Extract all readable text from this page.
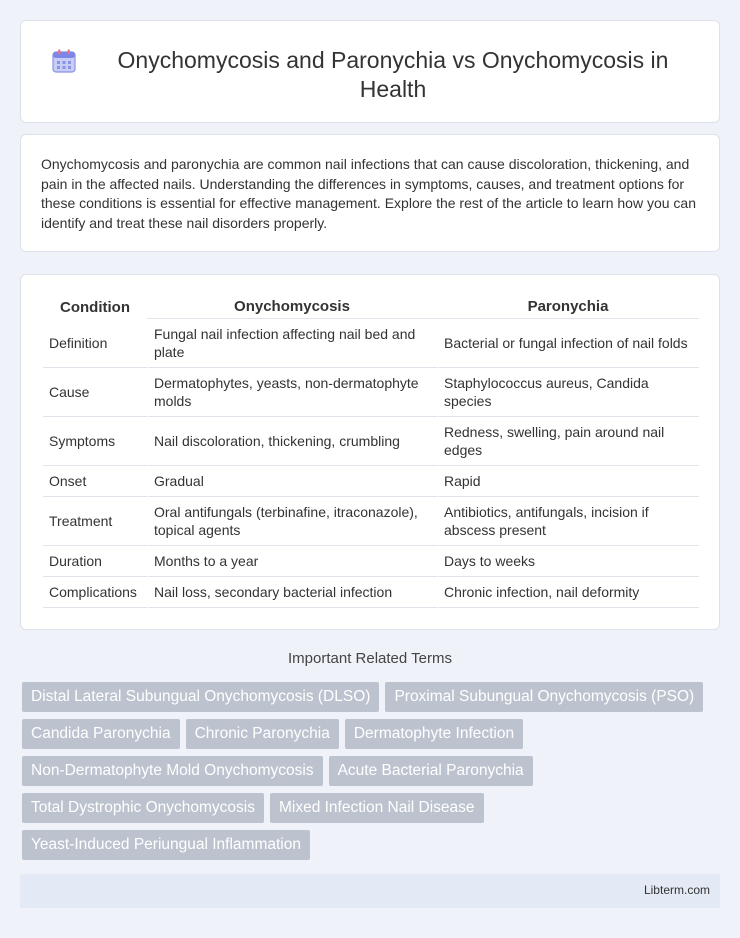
Onychomycosis and Paronychia vs Onychomycosis in Health

Onychomycosis and paronychia are common nail infections that can cause discoloration, thickening, and pain in the affected nails. Understanding the differences in symptoms, causes, and treatment options for these conditions is essential for effective management. Explore the rest of the article to learn how you can identify and treat these nail disorders properly.

Condition	Onychomycosis	Paronychia
Definition	Fungal nail infection affecting nail bed and plate	Bacterial or fungal infection of nail folds
Cause	Dermatophytes, yeasts, non-dermatophyte molds	Staphylococcus aureus, Candida species
Symptoms	Nail discoloration, thickening, crumbling	Redness, swelling, pain around nail edges
Onset	Gradual	Rapid
Treatment	Oral antifungals (terbinafine, itraconazole), topical agents	Antibiotics, antifungals, incision if abscess present
Duration	Months to a year	Days to weeks
Complications	Nail loss, secondary bacterial infection	Chronic infection, nail deformity
Important Related Terms
Distal Lateral Subungual Onychomycosis (DLSO)	Proximal Subungual Onychomycosis (PSO)
Candida Paronychia	Chronic Paronychia	Dermatophyte Infection
Non-Dermatophyte Mold Onychomycosis	Acute Bacterial Paronychia
Total Dystrophic Onychomycosis	Mixed Infection Nail Disease
Yeast-Induced Periungual Inflammation
Libterm.com
